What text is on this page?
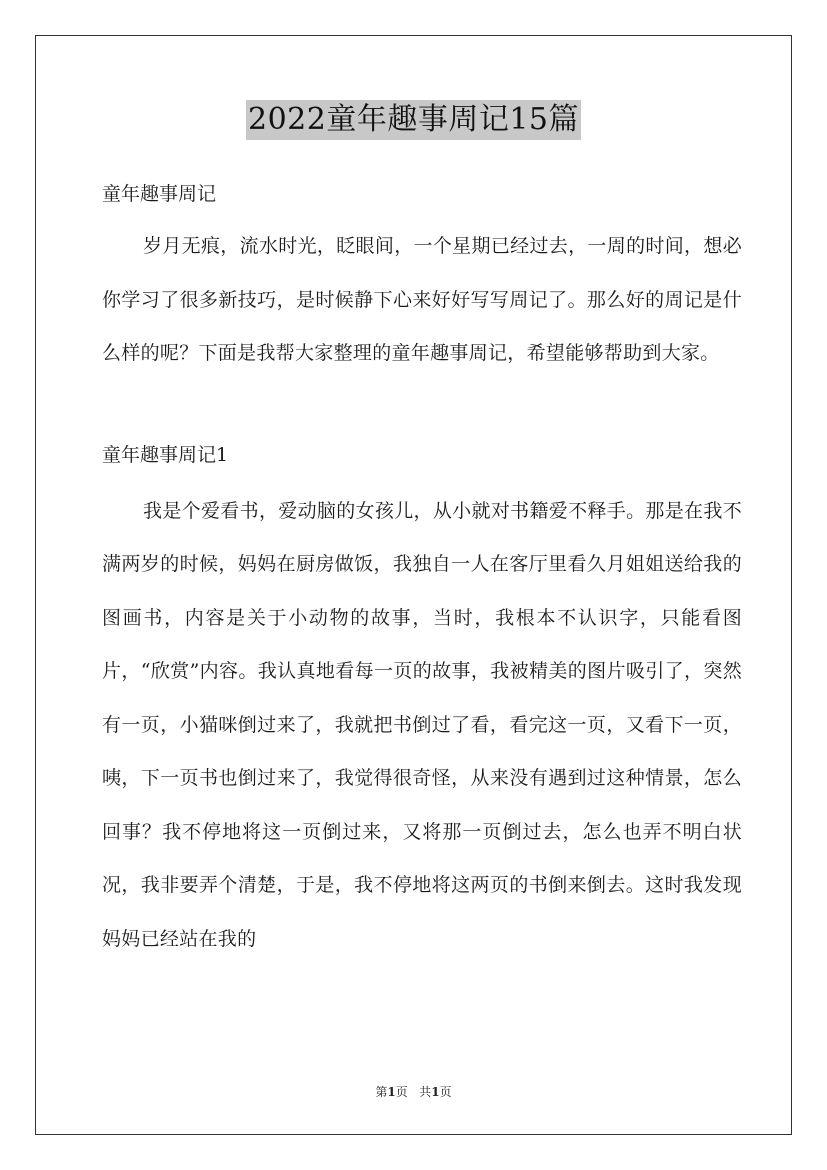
2022童年趣事周记15篇
童年趣事周记

岁月无痕，流水时光，眨眼间，一个星期已经过去，一周的时间，想必你学习了很多新技巧，是时候静下心来好好写写周记了。那么好的周记是什么样的呢？下面是我帮大家整理的童年趣事周记，希望能够帮助到大家。

童年趣事周记1

我是个爱看书，爱动脑的女孩儿，从小就对书籍爱不释手。那是在我不满两岁的时候，妈妈在厨房做饭，我独自一人在客厅里看久月姐姐送给我的图画书，内容是关于小动物的故事，当时，我根本不认识字，只能看图片，“欣赏”内容。我认真地看每一页的故事，我被精美的图片吸引了，突然有一页，小猫咪倒过来了，我就把书倒过了看，看完这一页，又看下一页，咦，下一页书也倒过来了，我觉得很奇怪，从来没有遇到过这种情景，怎么回事？我不停地将这一页倒过来，又将那一页倒过去，怎么也弄不明白状况，我非要弄个清楚，于是，我不停地将这两页的书倒来倒去。这时我发现妈妈已经站在我的

第1页 共1页
